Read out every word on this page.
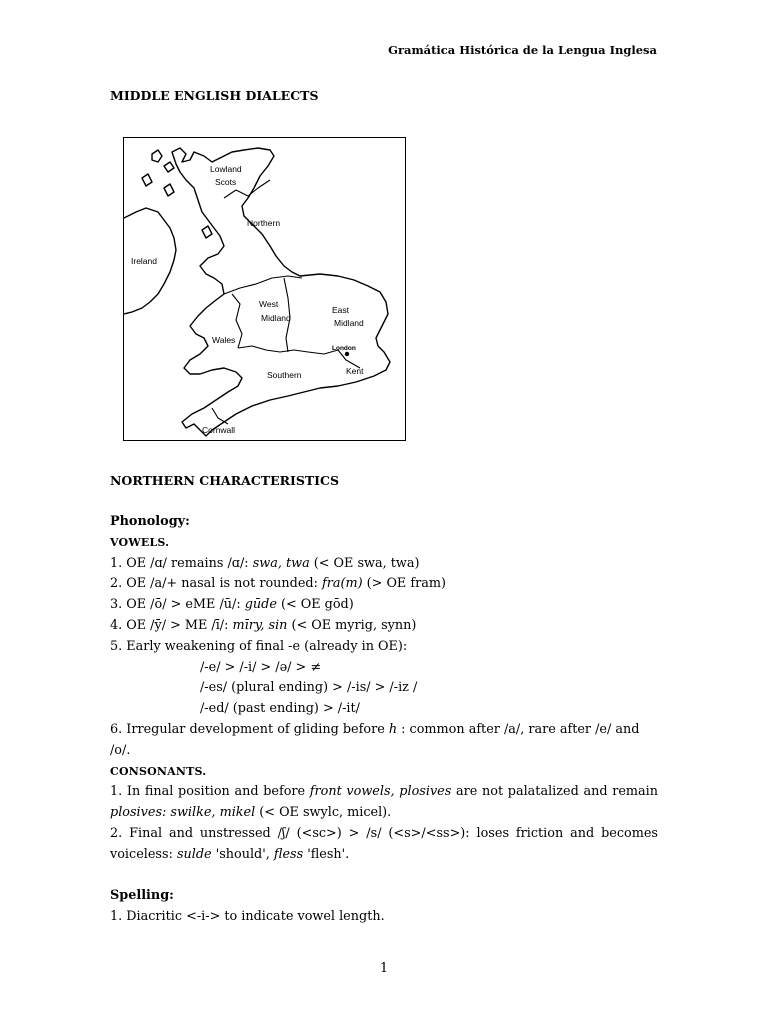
Gramática Histórica de la Lengua Inglesa
MIDDLE ENGLISH DIALECTS
Lowland
Scots
Northern
Ireland
West
Midland
East
Midland
Wales
London
Southern	Kent
Cornwall
NORTHERN CHARACTERISTICS

Phonology:

VOWELS.

1. OE /ɑ/ remains /ɑ/: swa, twa (< OE swa, twa)

2. OE /a/+ nasal is not rounded: fra(m) (> OE fram)

3. OE /ō/ > eME /ū/: gūde (< OE gōd)

4. OE /ȳ/ > ME /ī/: mīry, sin (< OE myrig, synn)

5. Early weakening of final -e (already in OE):

/-e/ > /-i/ > /ə/ > ≠

/-es/ (plural ending) > /-is/ > /-iz /

/-ed/ (past ending) > /-it/

6. Irregular development of gliding before h : common after /a/, rare after /e/ and /o/.

CONSONANTS.

1. In final position and before front vowels, plosives are not palatalized and remain plosives: swilke, mikel (< OE swylc, micel).

2. Final and unstressed /ʃ/ (<sc>) > /s/ (<s>/<ss>): loses friction and becomes voiceless: sulde 'should', fless 'flesh'.

Spelling:

1. Diacritic <-i-> to indicate vowel length.

1
